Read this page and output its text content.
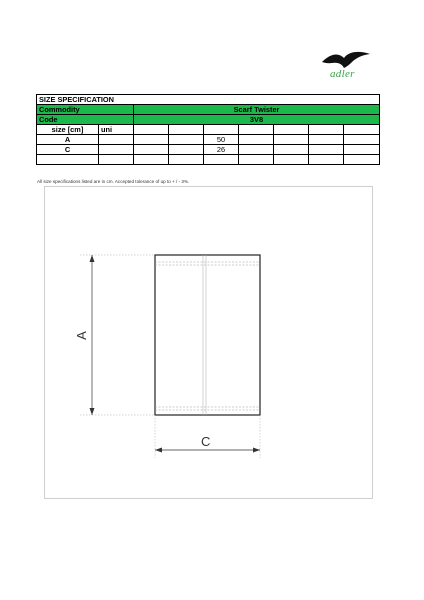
adler
SIZE SPECIFICATION								
Commodity		Scarf Twister						
Code		3V8						
size [cm]	uni							
A				50				
C				26				

All size specifications listed are in cm. Accepted tolerance of up to + / - 3%.
A
C
